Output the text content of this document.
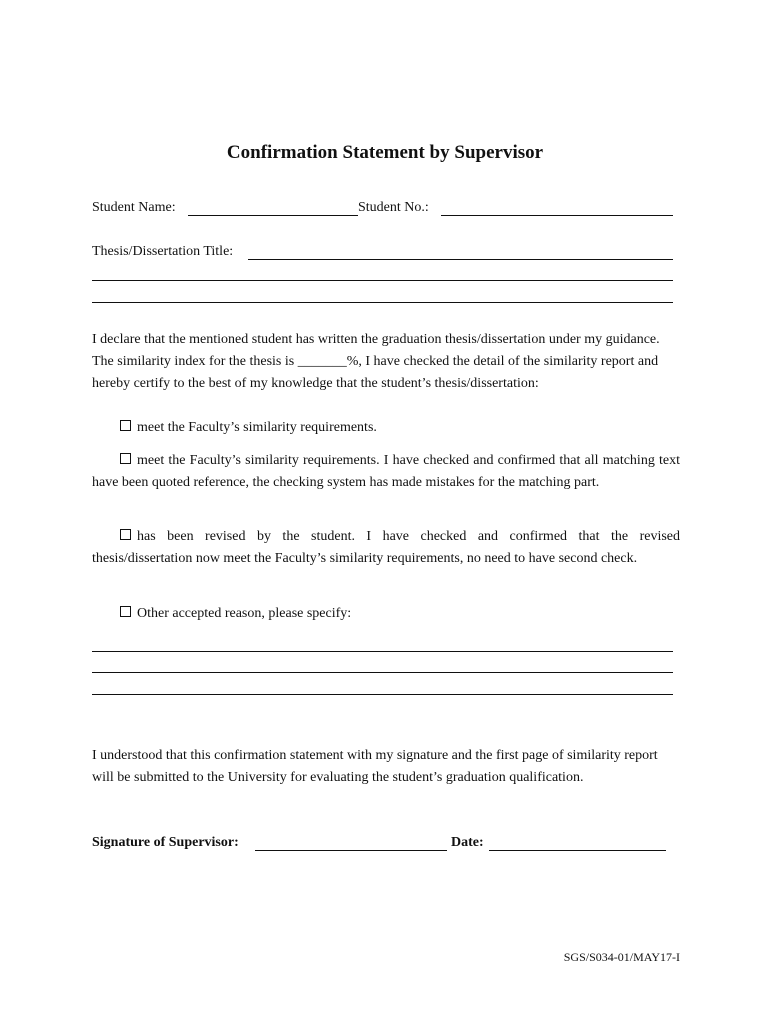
Confirmation Statement by Supervisor
Student Name:	Student No.:
Thesis/Dissertation Title:
I declare that the mentioned student has written the graduation thesis/dissertation under my guidance. The similarity index for the thesis is _______%, I have checked the detail of the similarity report and hereby certify to the best of my knowledge that the student’s thesis/dissertation:
meet the Faculty’s similarity requirements.
meet the Faculty’s similarity requirements. I have checked and confirmed that all matching text have been quoted reference, the checking system has made mistakes for the matching part.
has been revised by the student. I have checked and confirmed that the revised thesis/dissertation now meet the Faculty’s similarity requirements, no need to have second check.
Other accepted reason, please specify:
I understood that this confirmation statement with my signature and the first page of similarity report will be submitted to the University for evaluating the student’s graduation qualification.
Signature of Supervisor:	Date:
SGS/S034-01/MAY17-I
